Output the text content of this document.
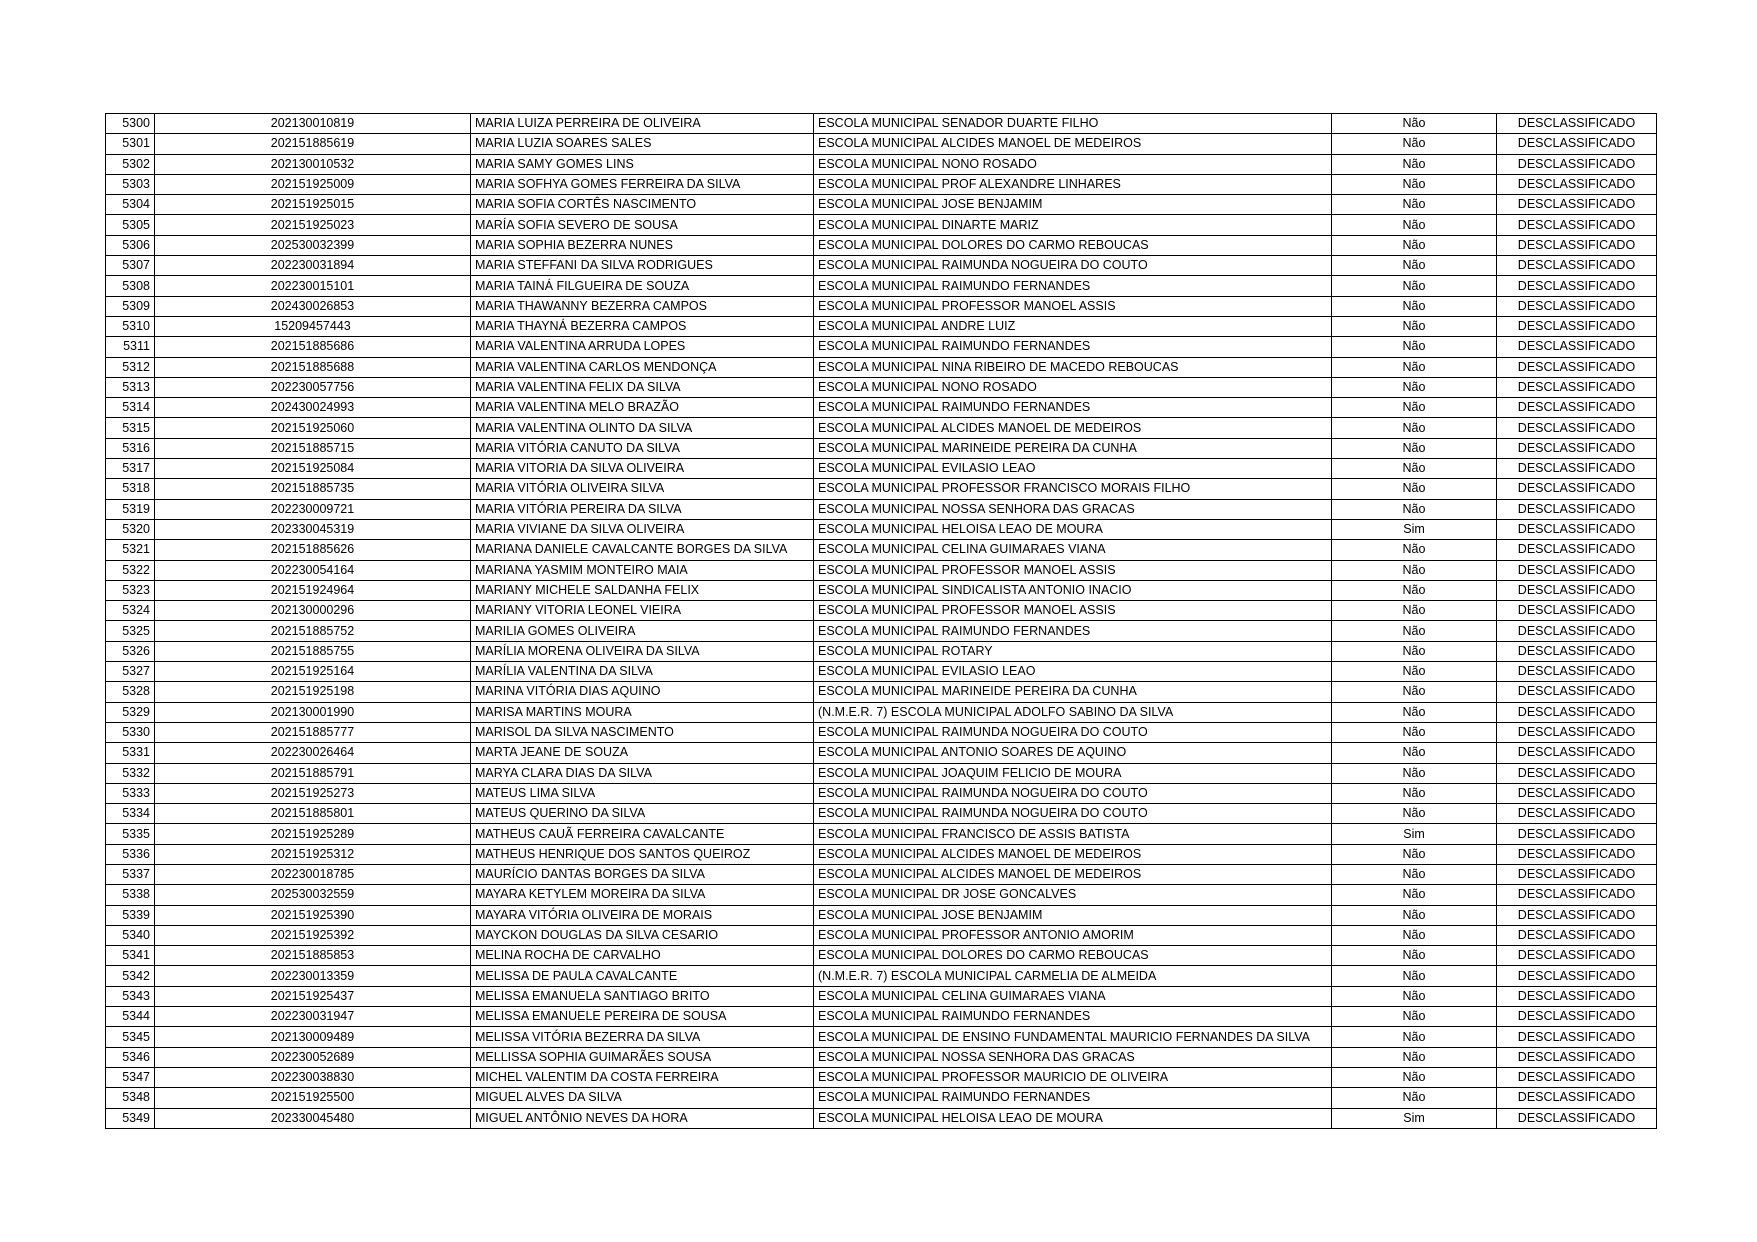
5300	202130010819	MARIA LUIZA PERREIRA DE OLIVEIRA	ESCOLA MUNICIPAL SENADOR DUARTE FILHO	Não	DESCLASSIFICADO
5301	202151885619	MARIA LUZIA SOARES SALES	ESCOLA MUNICIPAL ALCIDES MANOEL DE MEDEIROS	Não	DESCLASSIFICADO
5302	202130010532	MARIA SAMY GOMES LINS	ESCOLA MUNICIPAL NONO ROSADO	Não	DESCLASSIFICADO
5303	202151925009	MARIA SOFHYA GOMES FERREIRA DA SILVA	ESCOLA MUNICIPAL PROF ALEXANDRE LINHARES	Não	DESCLASSIFICADO
5304	202151925015	MARIA SOFIA CORTÊS NASCIMENTO	ESCOLA MUNICIPAL JOSE BENJAMIM	Não	DESCLASSIFICADO
5305	202151925023	MARÍA SOFIA SEVERO DE SOUSA	ESCOLA MUNICIPAL DINARTE MARIZ	Não	DESCLASSIFICADO
5306	202530032399	MARIA SOPHIA BEZERRA NUNES	ESCOLA MUNICIPAL DOLORES DO CARMO REBOUCAS	Não	DESCLASSIFICADO
5307	202230031894	MARIA STEFFANI DA SILVA RODRIGUES	ESCOLA MUNICIPAL RAIMUNDA NOGUEIRA DO COUTO	Não	DESCLASSIFICADO
5308	202230015101	MARIA TAINÁ FILGUEIRA DE SOUZA	ESCOLA MUNICIPAL RAIMUNDO FERNANDES	Não	DESCLASSIFICADO
5309	202430026853	MARIA THAWANNY BEZERRA CAMPOS	ESCOLA MUNICIPAL PROFESSOR MANOEL ASSIS	Não	DESCLASSIFICADO
5310	15209457443	MARIA THAYNÁ BEZERRA CAMPOS	ESCOLA MUNICIPAL ANDRE LUIZ	Não	DESCLASSIFICADO
5311	202151885686	MARIA VALENTINA ARRUDA LOPES	ESCOLA MUNICIPAL RAIMUNDO FERNANDES	Não	DESCLASSIFICADO
5312	202151885688	MARIA VALENTINA CARLOS MENDONÇA	ESCOLA MUNICIPAL NINA RIBEIRO DE MACEDO REBOUCAS	Não	DESCLASSIFICADO
5313	202230057756	MARIA VALENTINA FELIX DA SILVA	ESCOLA MUNICIPAL NONO ROSADO	Não	DESCLASSIFICADO
5314	202430024993	MARIA VALENTINA MELO BRAZÃO	ESCOLA MUNICIPAL RAIMUNDO FERNANDES	Não	DESCLASSIFICADO
5315	202151925060	MARIA VALENTINA OLINTO DA SILVA	ESCOLA MUNICIPAL ALCIDES MANOEL DE MEDEIROS	Não	DESCLASSIFICADO
5316	202151885715	MARIA VITÓRIA CANUTO DA SILVA	ESCOLA MUNICIPAL MARINEIDE PEREIRA DA CUNHA	Não	DESCLASSIFICADO
5317	202151925084	MARIA VITORIA DA SILVA OLIVEIRA	ESCOLA MUNICIPAL EVILASIO LEAO	Não	DESCLASSIFICADO
5318	202151885735	MARIA VITÓRIA OLIVEIRA SILVA	ESCOLA MUNICIPAL PROFESSOR FRANCISCO MORAIS FILHO	Não	DESCLASSIFICADO
5319	202230009721	MARIA VITÓRIA PEREIRA DA SILVA	ESCOLA MUNICIPAL NOSSA SENHORA DAS GRACAS	Não	DESCLASSIFICADO
5320	202330045319	MARIA VIVIANE DA SILVA OLIVEIRA	ESCOLA MUNICIPAL HELOISA LEAO DE MOURA	Sim	DESCLASSIFICADO
5321	202151885626	MARIANA DANIELE CAVALCANTE BORGES DA SILVA	ESCOLA MUNICIPAL CELINA GUIMARAES VIANA	Não	DESCLASSIFICADO
5322	202230054164	MARIANA YASMIM MONTEIRO MAIA	ESCOLA MUNICIPAL PROFESSOR MANOEL ASSIS	Não	DESCLASSIFICADO
5323	202151924964	MARIANY MICHELE SALDANHA FELIX	ESCOLA MUNICIPAL SINDICALISTA ANTONIO INACIO	Não	DESCLASSIFICADO
5324	202130000296	MARIANY VITORIA LEONEL VIEIRA	ESCOLA MUNICIPAL PROFESSOR MANOEL ASSIS	Não	DESCLASSIFICADO
5325	202151885752	MARILIA GOMES OLIVEIRA	ESCOLA MUNICIPAL RAIMUNDO FERNANDES	Não	DESCLASSIFICADO
5326	202151885755	MARÍLIA MORENA OLIVEIRA DA SILVA	ESCOLA MUNICIPAL ROTARY	Não	DESCLASSIFICADO
5327	202151925164	MARÍLIA VALENTINA DA SILVA	ESCOLA MUNICIPAL EVILASIO LEAO	Não	DESCLASSIFICADO
5328	202151925198	MARINA VITÓRIA DIAS AQUINO	ESCOLA MUNICIPAL MARINEIDE PEREIRA DA CUNHA	Não	DESCLASSIFICADO
5329	202130001990	MARISA MARTINS MOURA	(N.M.E.R. 7) ESCOLA MUNICIPAL ADOLFO SABINO DA SILVA	Não	DESCLASSIFICADO
5330	202151885777	MARISOL DA SILVA NASCIMENTO	ESCOLA MUNICIPAL RAIMUNDA NOGUEIRA DO COUTO	Não	DESCLASSIFICADO
5331	202230026464	MARTA JEANE DE SOUZA	ESCOLA MUNICIPAL ANTONIO SOARES DE AQUINO	Não	DESCLASSIFICADO
5332	202151885791	MARYA CLARA DIAS DA SILVA	ESCOLA MUNICIPAL JOAQUIM FELICIO DE MOURA	Não	DESCLASSIFICADO
5333	202151925273	MATEUS LIMA SILVA	ESCOLA MUNICIPAL RAIMUNDA NOGUEIRA DO COUTO	Não	DESCLASSIFICADO
5334	202151885801	MATEUS QUERINO DA SILVA	ESCOLA MUNICIPAL RAIMUNDA NOGUEIRA DO COUTO	Não	DESCLASSIFICADO
5335	202151925289	MATHEUS CAUÃ FERREIRA CAVALCANTE	ESCOLA MUNICIPAL FRANCISCO DE ASSIS BATISTA	Sim	DESCLASSIFICADO
5336	202151925312	MATHEUS HENRIQUE DOS SANTOS QUEIROZ	ESCOLA MUNICIPAL ALCIDES MANOEL DE MEDEIROS	Não	DESCLASSIFICADO
5337	202230018785	MAURÍCIO DANTAS BORGES DA SILVA	ESCOLA MUNICIPAL ALCIDES MANOEL DE MEDEIROS	Não	DESCLASSIFICADO
5338	202530032559	MAYARA KETYLEM MOREIRA DA SILVA	ESCOLA MUNICIPAL DR JOSE GONCALVES	Não	DESCLASSIFICADO
5339	202151925390	MAYARA VITÓRIA OLIVEIRA DE MORAIS	ESCOLA MUNICIPAL JOSE BENJAMIM	Não	DESCLASSIFICADO
5340	202151925392	MAYCKON DOUGLAS DA SILVA CESARIO	ESCOLA MUNICIPAL PROFESSOR ANTONIO AMORIM	Não	DESCLASSIFICADO
5341	202151885853	MELINA ROCHA DE CARVALHO	ESCOLA MUNICIPAL DOLORES DO CARMO REBOUCAS	Não	DESCLASSIFICADO
5342	202230013359	MELISSA DE PAULA CAVALCANTE	(N.M.E.R. 7) ESCOLA MUNICIPAL CARMELIA DE ALMEIDA	Não	DESCLASSIFICADO
5343	202151925437	MELISSA EMANUELA SANTIAGO BRITO	ESCOLA MUNICIPAL CELINA GUIMARAES VIANA	Não	DESCLASSIFICADO
5344	202230031947	MELISSA EMANUELE PEREIRA DE SOUSA	ESCOLA MUNICIPAL RAIMUNDO FERNANDES	Não	DESCLASSIFICADO
5345	202130009489	MELISSA VITÓRIA BEZERRA DA SILVA	ESCOLA MUNICIPAL DE ENSINO FUNDAMENTAL MAURICIO FERNANDES DA SILVA	Não	DESCLASSIFICADO
5346	202230052689	MELLISSA SOPHIA GUIMARÃES SOUSA	ESCOLA MUNICIPAL NOSSA SENHORA DAS GRACAS	Não	DESCLASSIFICADO
5347	202230038830	MICHEL VALENTIM DA COSTA FERREIRA	ESCOLA MUNICIPAL PROFESSOR MAURICIO DE OLIVEIRA	Não	DESCLASSIFICADO
5348	202151925500	MIGUEL ALVES DA SILVA	ESCOLA MUNICIPAL RAIMUNDO FERNANDES	Não	DESCLASSIFICADO
5349	202330045480	MIGUEL ANTÔNIO NEVES DA HORA	ESCOLA MUNICIPAL HELOISA LEAO DE MOURA	Sim	DESCLASSIFICADO
